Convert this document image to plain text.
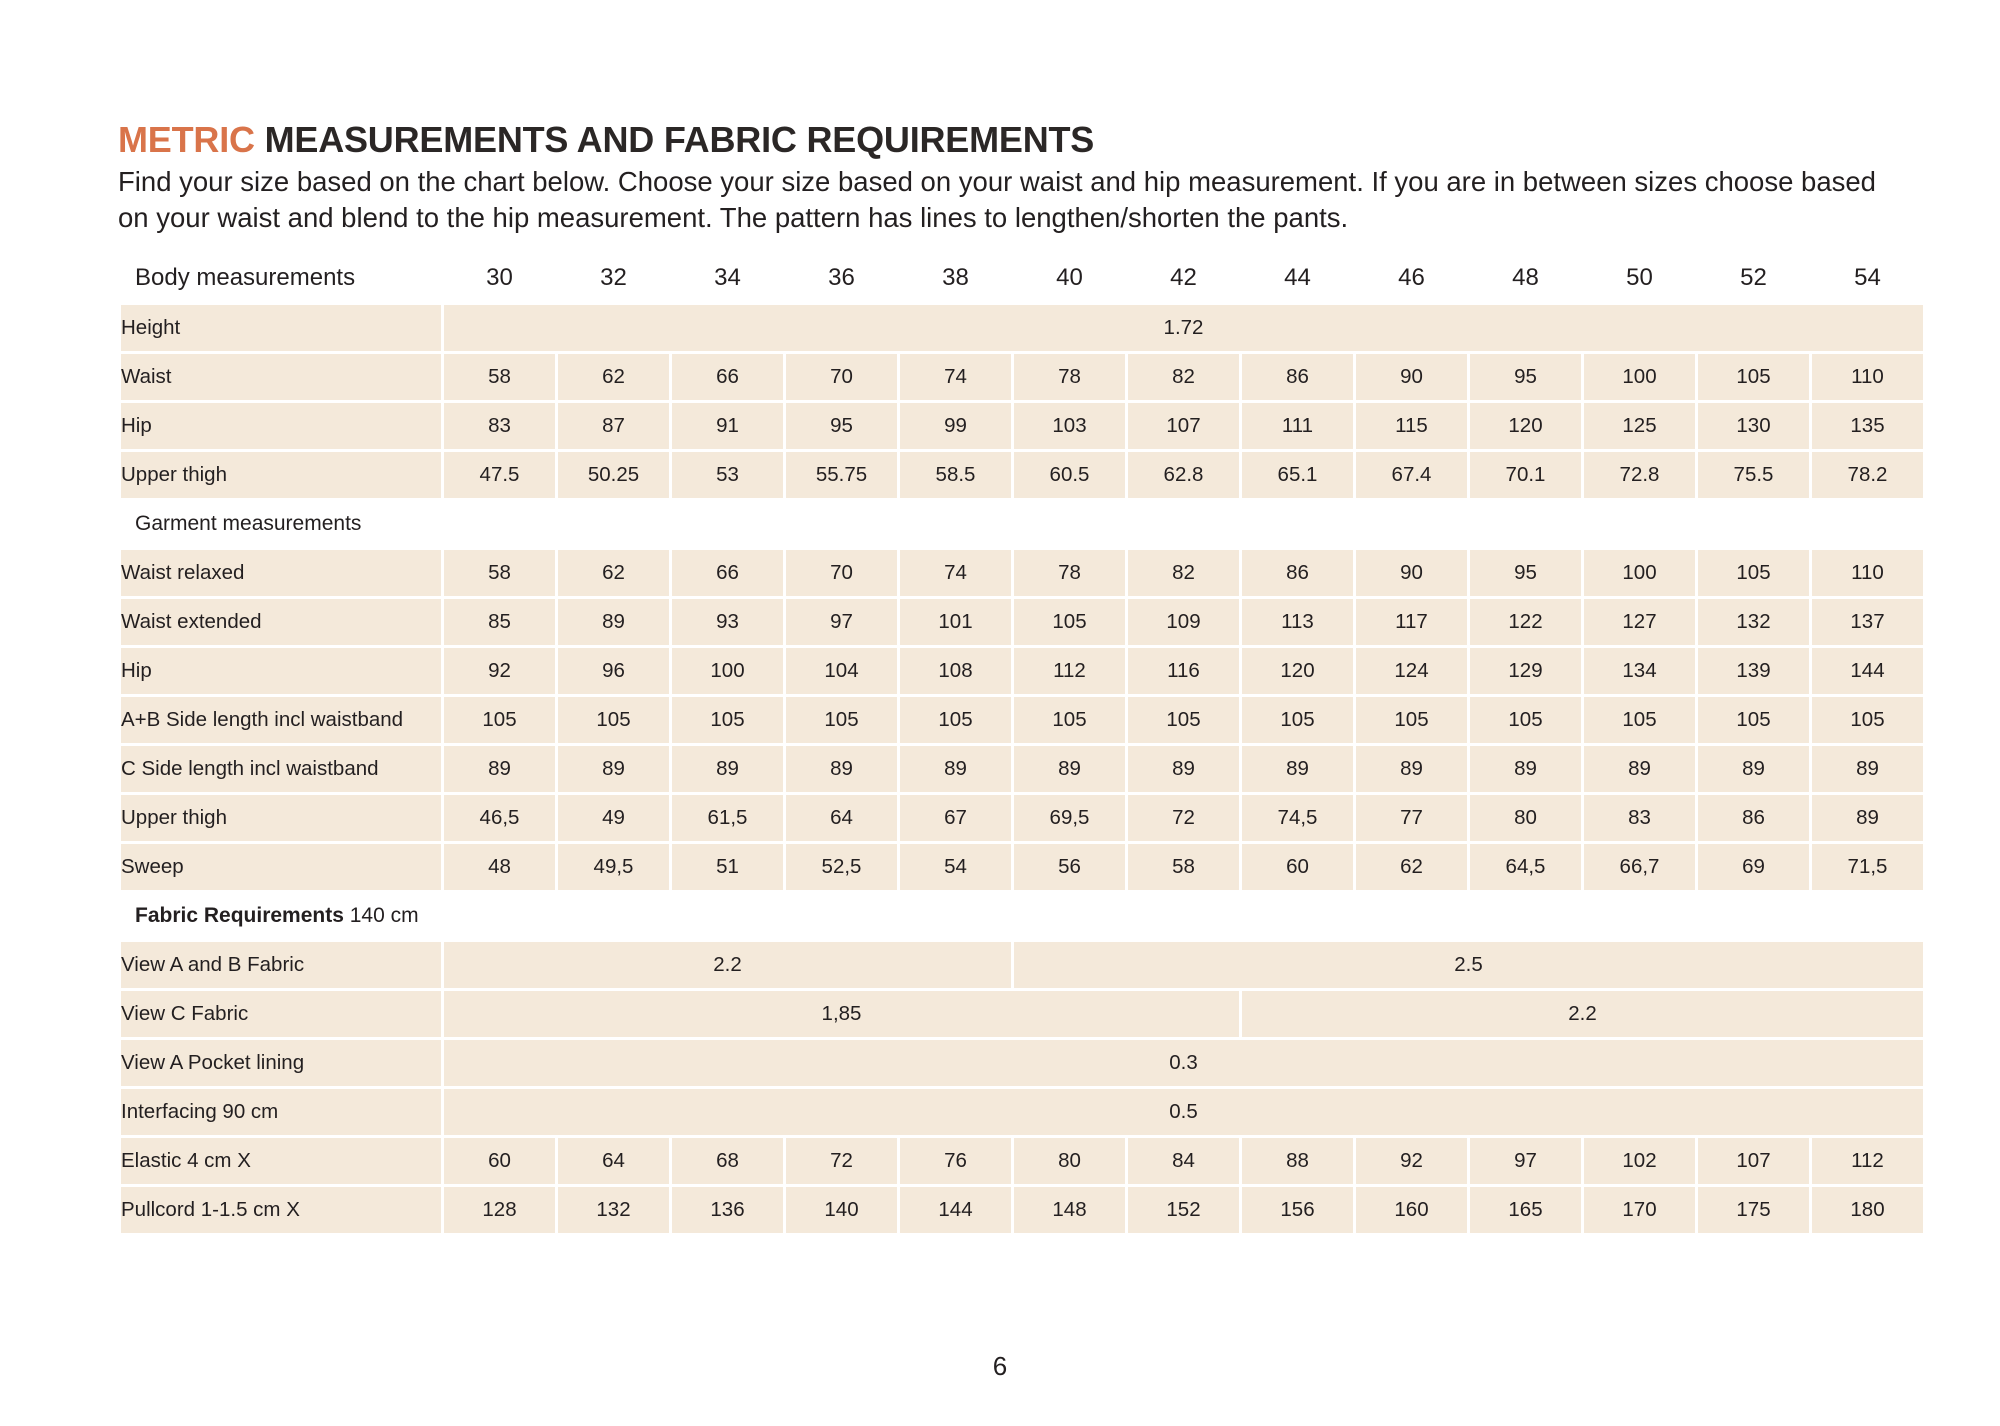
METRIC MEASUREMENTS AND FABRIC REQUIREMENTS

Find your size based on the chart below. Choose your size based on your waist and hip measurement. If you are in between sizes choose based on your waist and blend to the hip measurement. The pattern has lines to lengthen/shorten the pants.

Body measurements	30	32	34	36	38	40	42	44	46	48	50	52	54
Height	1.72												
Waist	58	62	66	70	74	78	82	86	90	95	100	105	110
Hip	83	87	91	95	99	103	107	111	115	120	125	130	135
Upper thigh	47.5	50.25	53	55.75	58.5	60.5	62.8	65.1	67.4	70.1	72.8	75.5	78.2
Garment measurements													
Waist relaxed	58	62	66	70	74	78	82	86	90	95	100	105	110
Waist extended	85	89	93	97	101	105	109	113	117	122	127	132	137
Hip	92	96	100	104	108	112	116	120	124	129	134	139	144
A+B Side length incl waistband	105	105	105	105	105	105	105	105	105	105	105	105	105
C Side length incl waistband	89	89	89	89	89	89	89	89	89	89	89	89	89
Upper thigh	46,5	49	61,5	64	67	69,5	72	74,5	77	80	83	86	89
Sweep	48	49,5	51	52,5	54	56	58	60	62	64,5	66,7	69	71,5
Fabric Requirements 140 cm													
View A and B Fabric	2.2					2.5							
View C Fabric	1,85							2.2					
View A Pocket lining	0.3												
Interfacing 90 cm	0.5												
Elastic 4 cm X	60	64	68	72	76	80	84	88	92	97	102	107	112
Pullcord 1-1.5 cm X	128	132	136	140	144	148	152	156	160	165	170	175	180
6
